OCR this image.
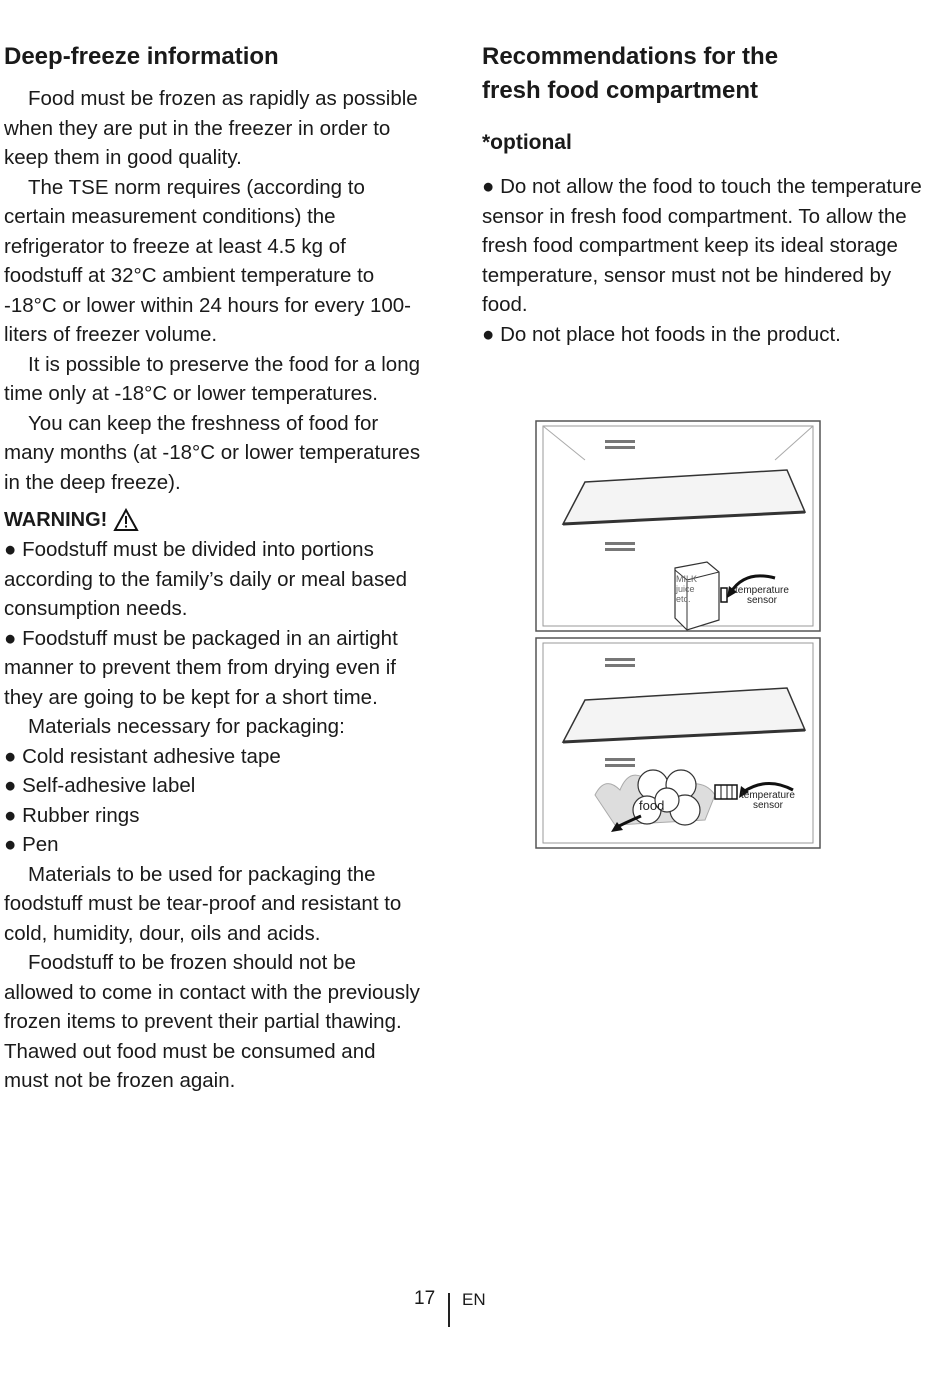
Deep-freeze information

Food must be frozen as rapidly as possible when they are put in the freezer in order to keep them in good quality.

The TSE norm requires (according to certain measurement conditions) the refrigerator to freeze at least 4.5 kg of foodstuff at 32°C ambient temperature to -18°C or lower within 24 hours for every 100-liters of freezer volume.

It is possible to preserve the food for a long time only at -18°C or lower temperatures.

You can keep the freshness of food for many months (at -18°C or lower temperatures in the deep freeze).

WARNING!

● Foodstuff must be divided into portions according to the family’s daily or meal based consumption needs.

● Foodstuff must be packaged in an airtight manner to prevent them from drying even if they are going to be kept for a short time.

Materials necessary for packaging:

● Cold resistant adhesive tape

● Self-adhesive label

● Rubber rings

● Pen

Materials to be used for packaging the foodstuff must be tear-proof and resistant to cold, humidity, dour, oils and acids.

Foodstuff to be frozen should not be allowed to come in contact with the previously frozen items to prevent their partial thawing. Thawed out food must be consumed and must not be frozen again.

Recommendations for the
fresh food compartment
*optional

● Do not allow the food to touch the temperature sensor in fresh food compartment. To allow the fresh food compartment keep its ideal storage temperature, sensor must not be hindered by food.

● Do not place hot foods in the product.

MILK
juice
etc.
temperature
sensor
food
temperature
sensor
17 EN
